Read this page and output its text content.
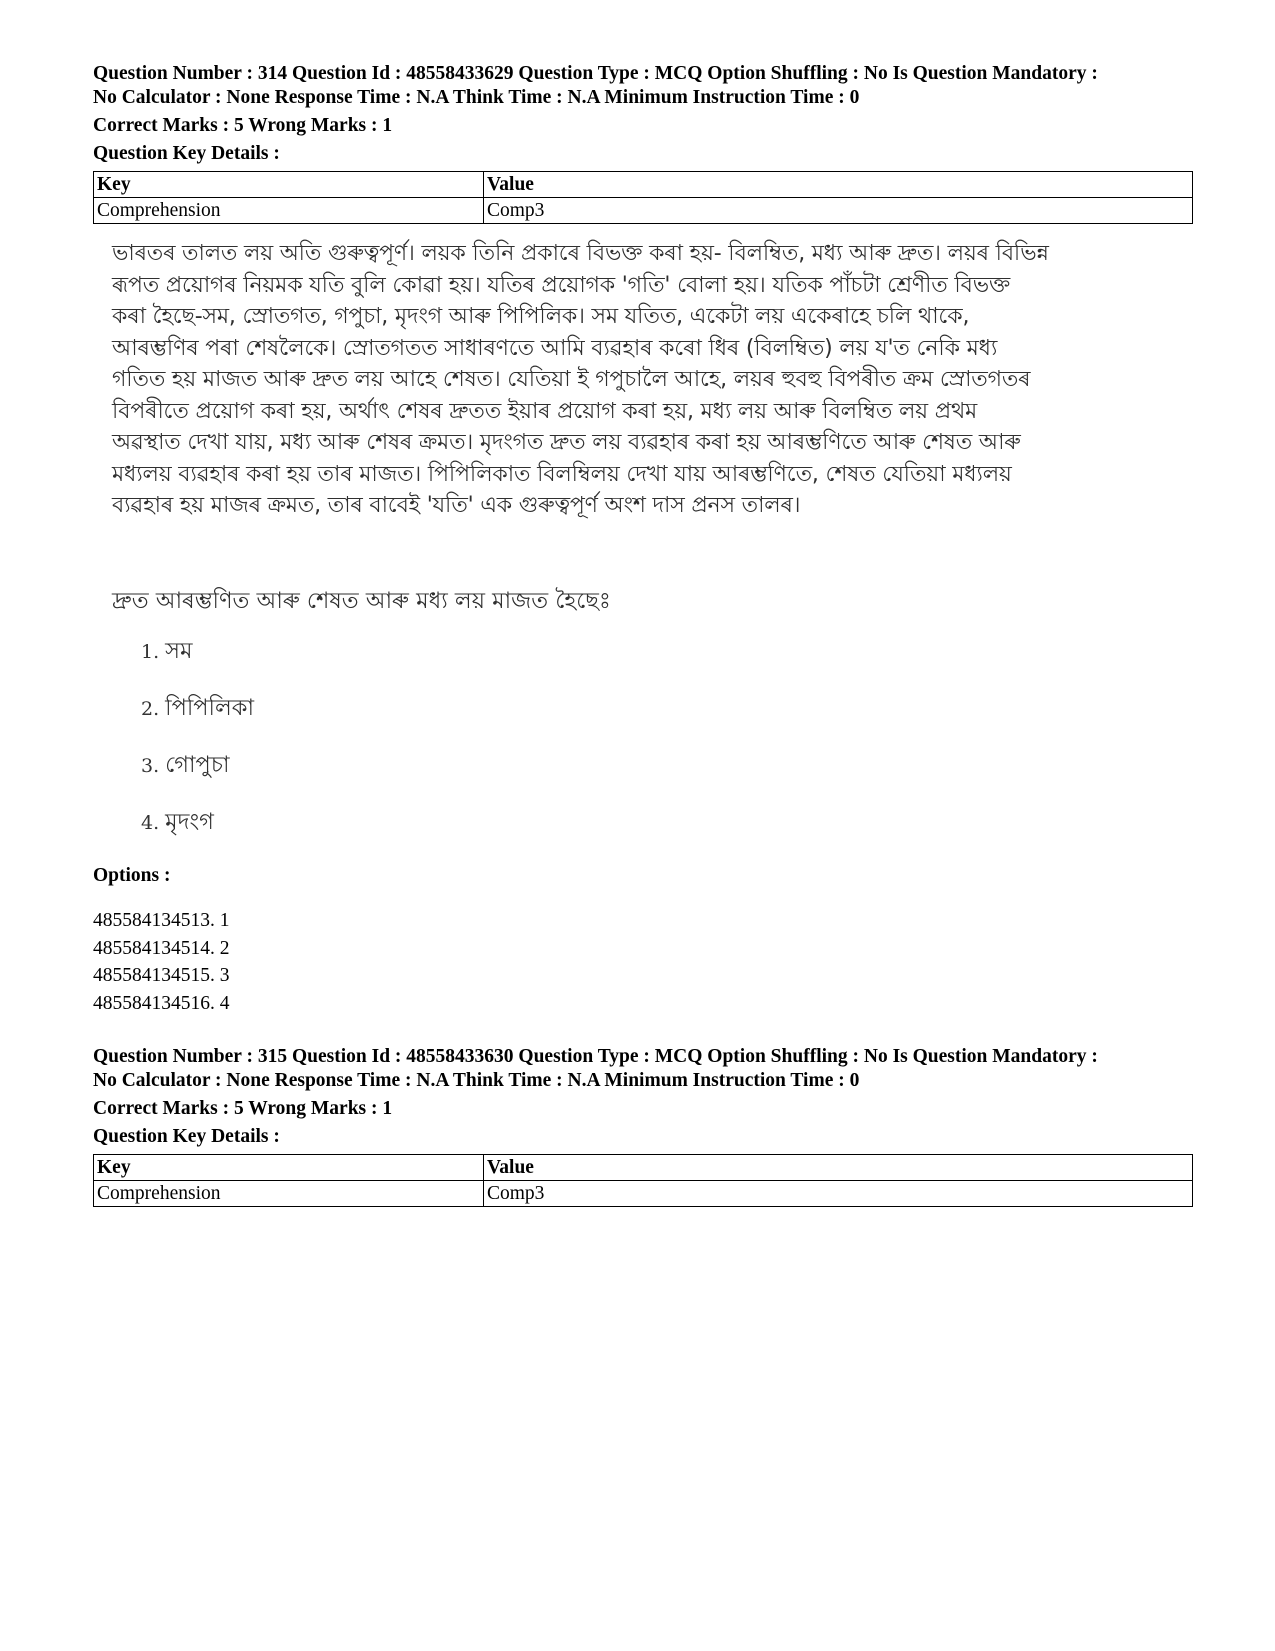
Question Number : 314 Question Id : 48558433629 Question Type : MCQ Option Shuffling : No Is Question Mandatory :

No Calculator : None Response Time : N.A Think Time : N.A Minimum Instruction Time : 0

Correct Marks : 5 Wrong Marks : 1

Question Key Details :

Key	Value
Comprehension	Comp3
ভাৰতৰ তালত লয় অতি গুৰুত্বপূৰ্ণ। লয়ক তিনি প্ৰকাৰে বিভক্ত কৰা হয়- বিলম্বিত, মধ্য আৰু দ্ৰুত। লয়ৰ বিভিন্ন
ৰূপত প্ৰয়োগৰ নিয়মক যতি বুলি কোৱা হয়। যতিৰ প্ৰয়োগক 'গতি' বোলা হয়। যতিক পাঁচটা শ্ৰেণীত বিভক্ত
কৰা হৈছে-সম, স্ৰোতগত, গপুচা, মৃদংগ আৰু পিপিলিক। সম যতিত, একেটা লয় একেৰাহে চলি থাকে,
আৰম্ভণিৰ পৰা শেষলৈকে। স্ৰোতগতত সাধাৰণতে আমি ব্যৱহাৰ কৰো ধিৰ (বিলম্বিত) লয় য'ত নেকি মধ্য
গতিত হয় মাজত আৰু দ্ৰুত লয় আহে শেষত। যেতিয়া ই গপুচালৈ আহে, লয়ৰ হুবহু বিপৰীত ক্ৰম স্ৰোতগতৰ
বিপৰীতে প্ৰয়োগ কৰা হয়, অৰ্থাৎ শেষৰ দ্ৰুতত ইয়াৰ প্ৰয়োগ কৰা হয়, মধ্য লয় আৰু বিলম্বিত লয় প্ৰথম
অৱস্থাত দেখা যায়, মধ্য আৰু শেষৰ ক্ৰমত। মৃদংগত দ্ৰুত লয় ব্যৱহাৰ কৰা হয় আৰম্ভণিতে আৰু শেষত আৰু
মধ্যলয় ব্যৱহাৰ কৰা হয় তাৰ মাজত। পিপিলিকাত বিলম্বিলয় দেখা যায় আৰম্ভণিতে, শেষত যেতিয়া মধ্যলয়
ব্যৱহাৰ হয় মাজৰ ক্ৰমত, তাৰ বাবেই 'যতি' এক গুৰুত্বপূৰ্ণ অংশ দাস প্ৰনস তালৰ।

দ্ৰুত আৰম্ভণিত আৰু শেষত আৰু মধ্য লয় মাজত হৈছেঃ

1. সম
2. পিপিলিকা
3. গোপুচা
4. মৃদংগ

Options :

485584134513. 1

485584134514. 2

485584134515. 3

485584134516. 4

Question Number : 315 Question Id : 48558433630 Question Type : MCQ Option Shuffling : No Is Question Mandatory :

No Calculator : None Response Time : N.A Think Time : N.A Minimum Instruction Time : 0

Correct Marks : 5 Wrong Marks : 1

Question Key Details :

Key	Value
Comprehension	Comp3
